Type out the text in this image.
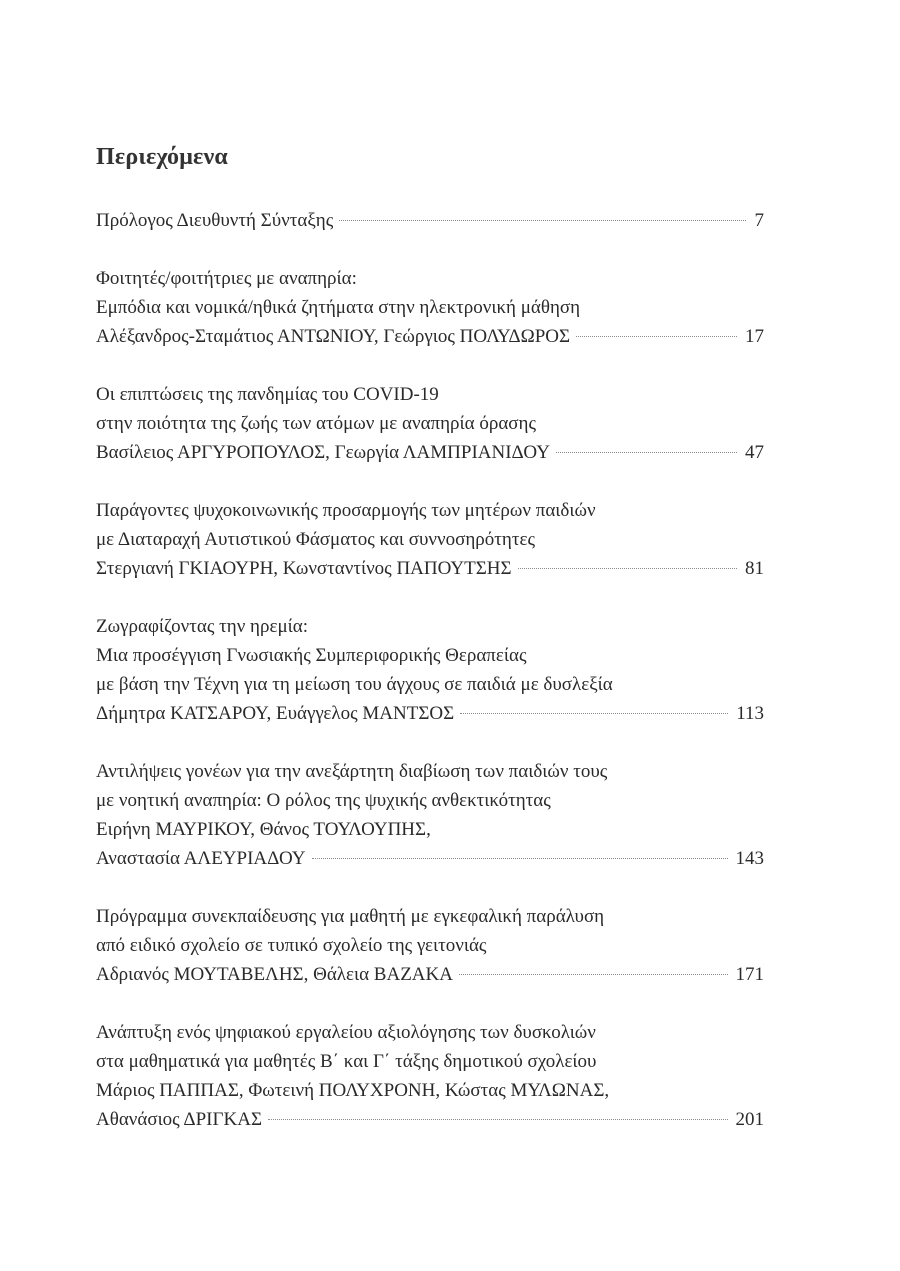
Περιεχόμενα
Πρόλογος Διευθυντή Σύνταξης	7
Φοιτητές/φοιτήτριες με αναπηρία:
Εμπόδια και νομικά/ηθικά ζητήματα στην ηλεκτρονική μάθηση
Αλέξανδρος-Σταμάτιος ΑΝΤΩΝΙΟΥ, Γεώργιος ΠΟΛΥΔΩΡΟΣ	17
Οι επιπτώσεις της πανδημίας του COVID-19
στην ποιότητα της ζωής των ατόμων με αναπηρία όρασης
Βασίλειος ΑΡΓΥΡΟΠΟΥΛΟΣ, Γεωργία ΛΑΜΠΡΙΑΝΙΔΟΥ	47
Παράγοντες ψυχοκοινωνικής προσαρμογής των μητέρων παιδιών
με Διαταραχή Αυτιστικού Φάσματος και συννοσηρότητες
Στεργιανή ΓΚΙΑΟΥΡΗ, Κωνσταντίνος ΠΑΠΟΥΤΣΗΣ	81
Ζωγραφίζοντας την ηρεμία:
Μια προσέγγιση Γνωσιακής Συμπεριφορικής Θεραπείας
με βάση την Τέχνη για τη μείωση του άγχους σε παιδιά με δυσλεξία
Δήμητρα ΚΑΤΣΑΡΟΥ, Ευάγγελος ΜΑΝΤΣΟΣ	113
Αντιλήψεις γονέων για την ανεξάρτητη διαβίωση των παιδιών τους
με νοητική αναπηρία: Ο ρόλος της ψυχικής ανθεκτικότητας
Ειρήνη ΜΑΥΡΙΚΟΥ, Θάνος ΤΟΥΛΟΥΠΗΣ,
Αναστασία ΑΛΕΥΡΙΑΔΟΥ	143
Πρόγραμμα συνεκπαίδευσης για μαθητή με εγκεφαλική παράλυση
από ειδικό σχολείο σε τυπικό σχολείο της γειτονιάς
Αδριανός ΜΟΥΤΑΒΕΛΗΣ, Θάλεια ΒΑΖΑΚΑ	171
Ανάπτυξη ενός ψηφιακού εργαλείου αξιολόγησης των δυσκολιών
στα μαθηματικά για μαθητές Β΄ και Γ΄ τάξης δημοτικού σχολείου
Μάριος ΠΑΠΠΑΣ, Φωτεινή ΠΟΛΥΧΡΟΝΗ, Κώστας ΜΥΛΩΝΑΣ,
Αθανάσιος ΔΡΙΓΚΑΣ	201
